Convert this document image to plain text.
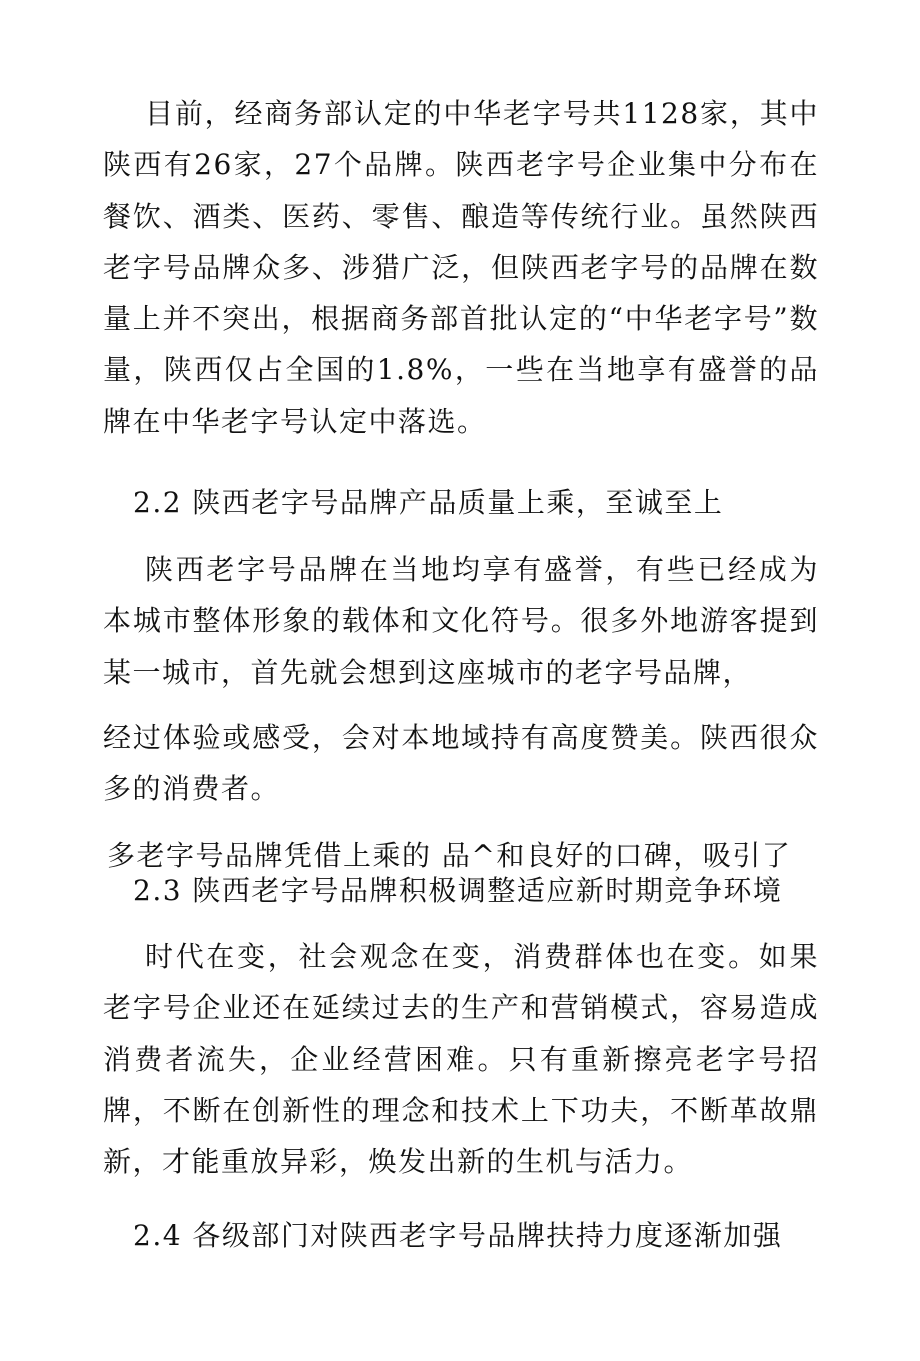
目前，经商务部认定的中华老字号共1128家，其中陕西有26家，27个品牌。陕西老字号企业集中分布在餐饮、酒类、医药、零售、酿造等传统行业。虽然陕西老字号品牌众多、涉猎广泛，但陕西老字号的品牌在数量上并不突出，根据商务部首批认定的“中华老字号”数量，陕西仅占全国的1.8%，一些在当地享有盛誉的品牌在中华老字号认定中落选。

2.2 陕西老字号品牌产品质量上乘，至诚至上

陕西老字号品牌在当地均享有盛誉，有些已经成为本城市整体形象的载体和文化符号。很多外地游客提到某一城市，首先就会想到这座城市的老字号品牌，

经过体验或感受，会对本地域持有高度赞美。陕西很众多的消费者。

多老字号品牌凭借上乘的 品^和良好的口碑，吸引了

2.3 陕西老字号品牌积极调整适应新时期竞争环境

时代在变，社会观念在变，消费群体也在变。如果老字号企业还在延续过去的生产和营销模式，容易造成消费者流失，企业经营困难。只有重新擦亮老字号招牌，不断在创新性的理念和技术上下功夫，不断革故鼎新，才能重放异彩，焕发出新的生机与活力。

2.4 各级部门对陕西老字号品牌扶持力度逐渐加强
